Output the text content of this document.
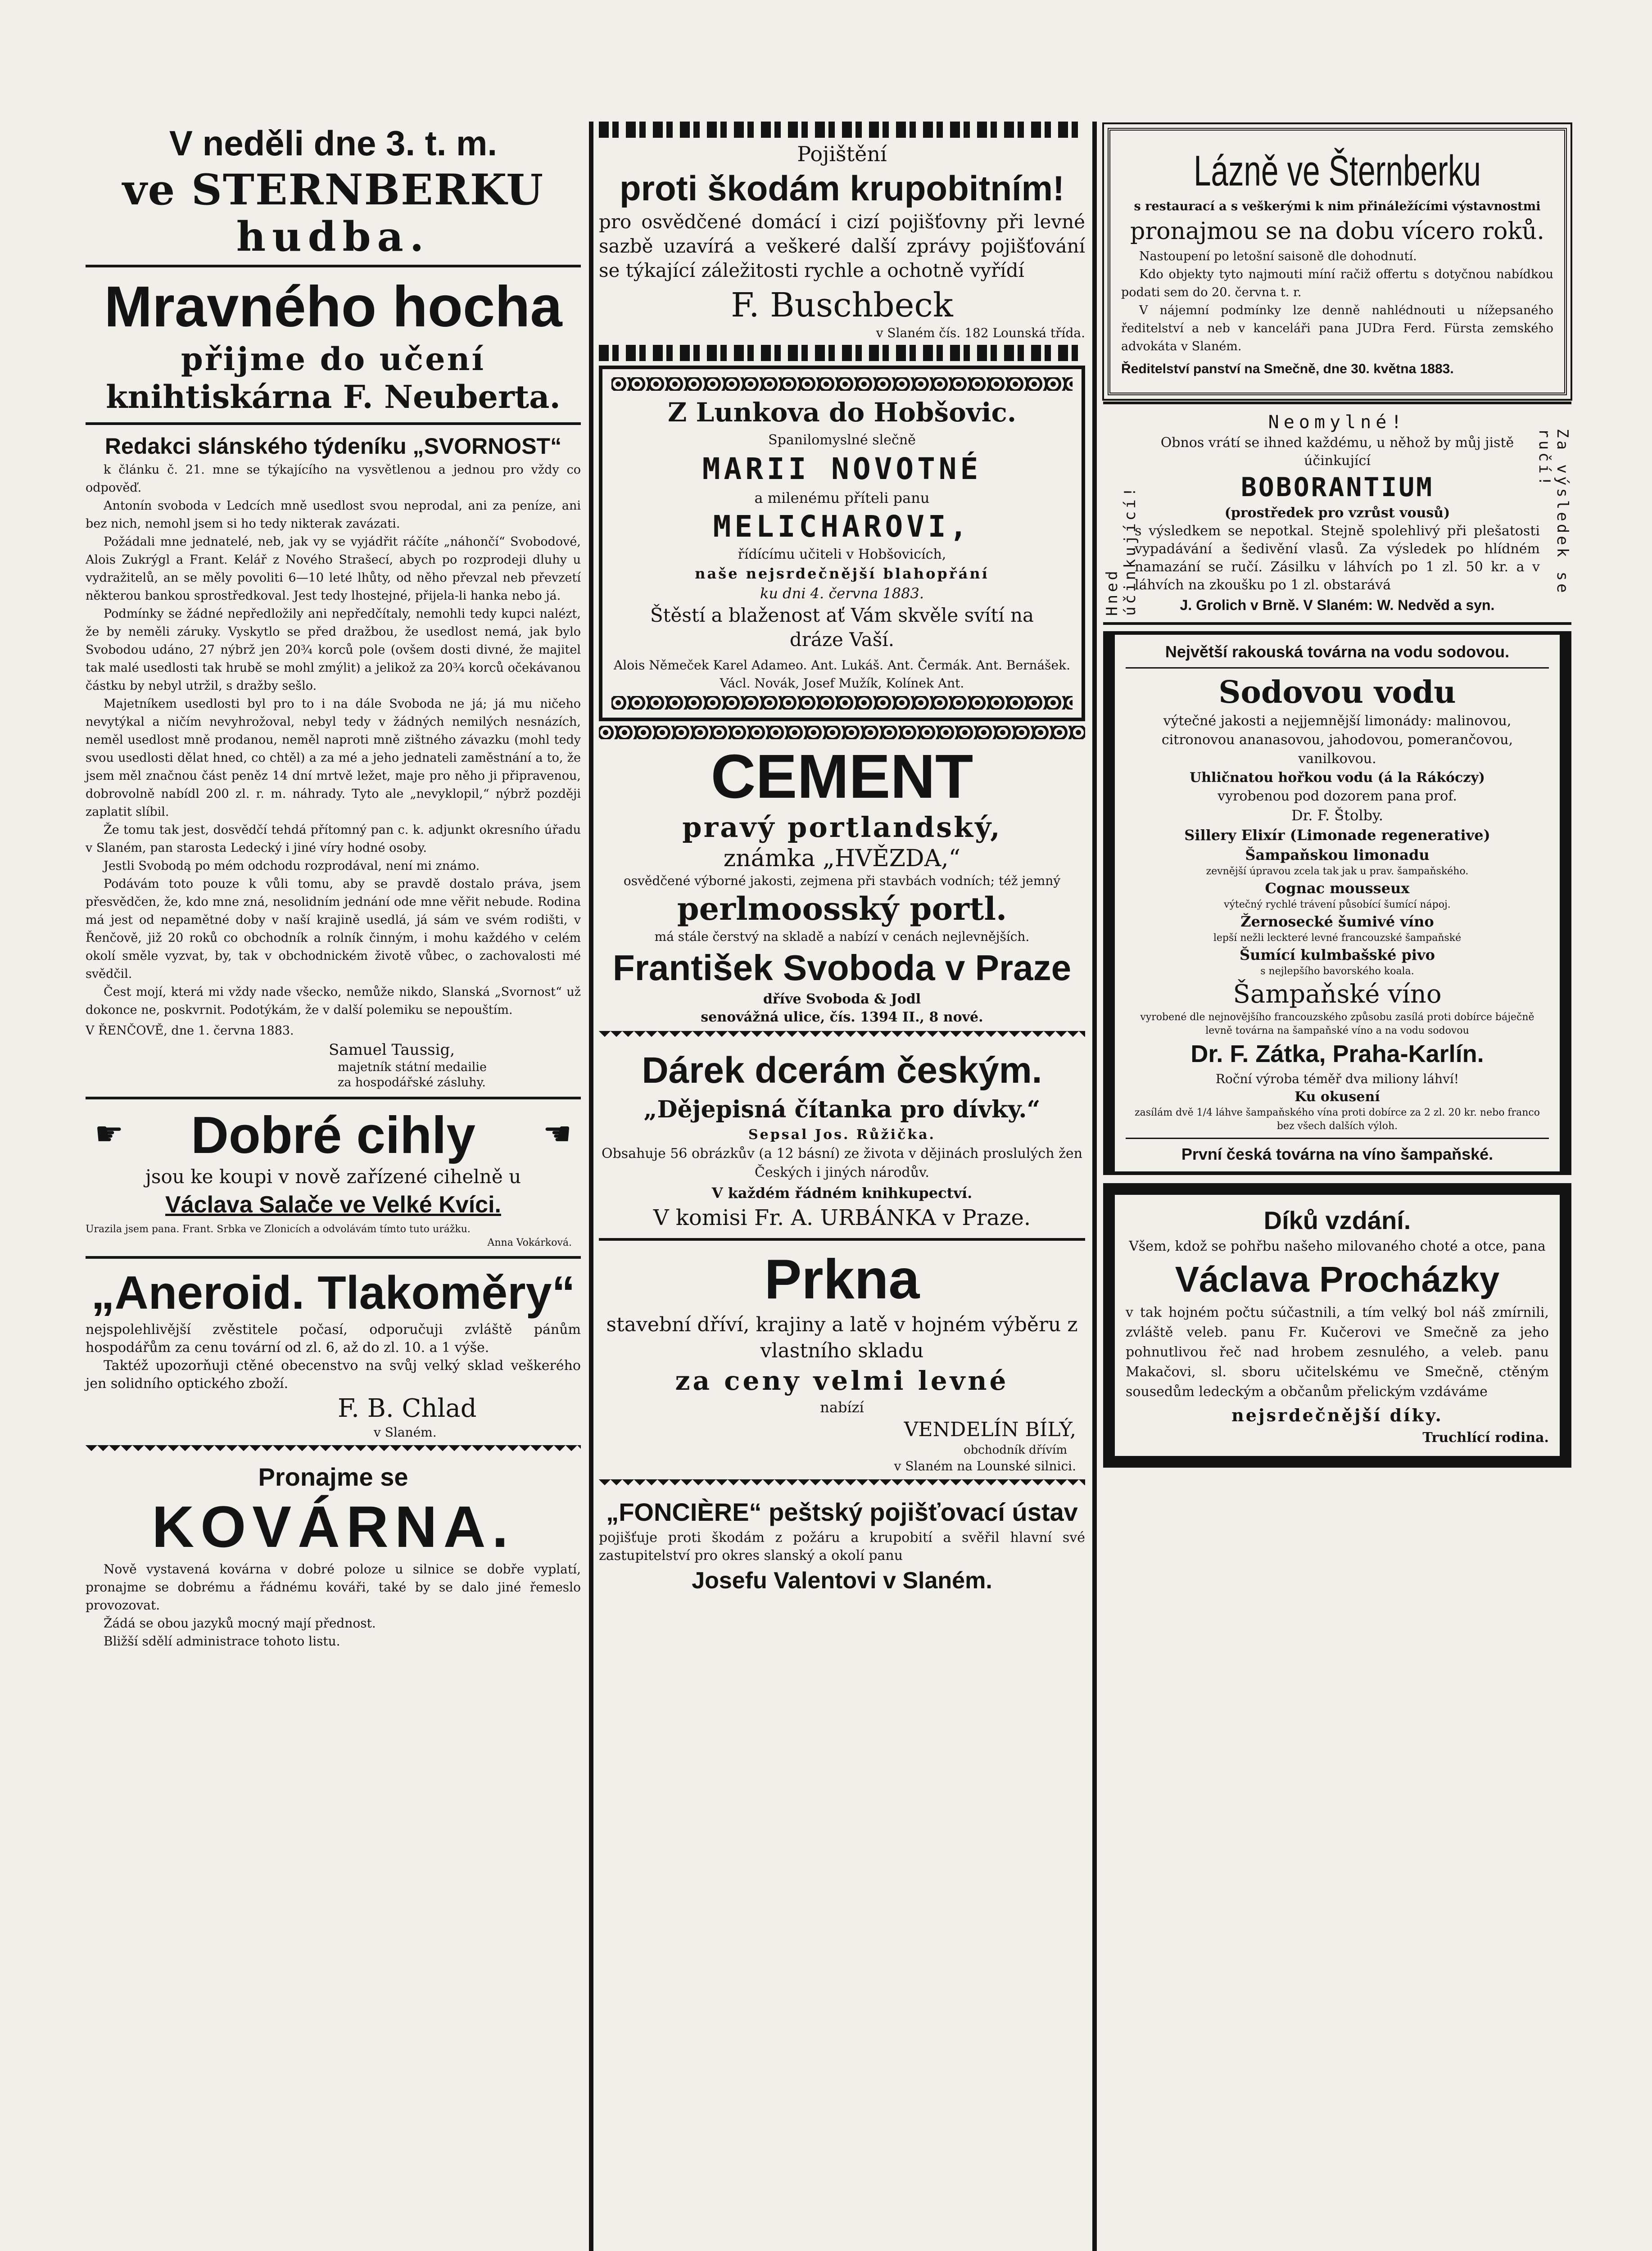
V neděli dne 3. t. m.
ve STERNBERKU
hudba.
Mravného hocha
přijme do učení
knihtiskárna F. Neuberta.
Redakci slánského týdeníku „SVORNOST“

k článku č. 21. mne se týkajícího na vysvětlenou a jednou pro vždy co odpověď.

Antonín svoboda v Ledcích mně usedlost svou neprodal, ani za peníze, ani bez nich, nemohl jsem si ho tedy nikterak zavázati.

Požádali mne jednatelé, neb, jak vy se vyjádřit ráčíte „náhončí“ Svobodové, Alois Zukrýgl a Frant. Kelář z Nového Strašecí, abych po rozprodeji dluhy u vydražitelů, an se měly povoliti 6—10 leté lhůty, od něho převzal neb převzetí některou bankou sprostředkoval. Jest tedy lhostejné, přijela-li hanka nebo já.

Podmínky se žádné nepředložily ani nepředčítaly, nemohli tedy kupci nalézt, že by neměli záruky. Vyskytlo se před dražbou, že usedlost nemá, jak bylo Svobodou udáno, 27 nýbrž jen 20¾ korců pole (ovšem dosti divné, že majitel tak malé usedlosti tak hrubě se mohl zmýlit) a jelikož za 20¾ korců očekávanou částku by nebyl utržil, s dražby sešlo.

Majetníkem usedlosti byl pro to i na dále Svoboda ne já; já mu ničeho nevytýkal a ničím nevyhrožoval, nebyl tedy v žádných nemilých nesnázích, neměl usedlost mně prodanou, neměl naproti mně zištného závazku (mohl tedy svou usedlosti dělat hned, co chtěl) a za mé a jeho jednateli zaměstnání a to, že jsem měl značnou část peněz 14 dní mrtvě ležet, maje pro něho ji připravenou, dobrovolně nabídl 200 zl. r. m. náhrady. Tyto ale „nevyklopil,“ nýbrž později zaplatit slíbil.

Že tomu tak jest, dosvědčí tehdá přítomný pan c. k. adjunkt okresního úřadu v Slaném, pan starosta Ledecký i jiné víry hodné osoby.

Jestli Svobodą po mém odchodu rozprodával, není mi známo.

Podávám toto pouze k vůli tomu, aby se pravdě dostalo práva, jsem přesvědčen, že, kdo mne zná, nesolidním jednání ode mne věřit nebude. Rodina má jest od nepamětné doby v naší krajině usedlá, já sám ve svém rodišti, v Řenčově, již 20 roků co obchodník a rolník činným, i mohu každého v celém okolí směle vyzvat, by, tak v obchodnickém životě vůbec, o zachovalosti mé svědčil.

Čest mojí, která mi vždy nade všecko, nemůže nikdo, Slanská „Svornost“ už dokonce ne, poskvrnit. Podotýkám, že v další polemiku se nepouštím.

V ŘENČOVĚ, dne 1. června 1883.
Samuel Taussig,
majetník státní medailie
za hospodářské zásluhy.
☛ Dobré cihly ☚
jsou ke koupi v nově zařízené cihelně u
Václava Salače ve Velké Kvíci.
Urazila jsem pana. Frant. Srbka ve Zlonicích a odvolávám tímto tuto urážku.
Anna Vokárková.
„Aneroid. Tlakoměry“
nejspolehlivější zvěstitele počasí, odporučuji zvláště pánům hospodářům za cenu tovární od zl. 6, až do zl. 10. a 1 výše.
Taktéž upozorňuji ctěné obecenstvo na svůj velký sklad veškerého jen solidního optického zboží.
F. B. Chlad
v Slaném.
Pronajme se
KOVÁRNA.
Nově vystavená kovárna v dobré poloze u silnice se dobře vyplatí, pronajme se dobrému a řádnému kováři, také by se dalo jiné řemeslo provozovat.
Žádá se obou jazyků mocný mají přednost.
Bližší sdělí administrace tohoto listu.
Pojištění
proti škodám krupobitním!
pro osvědčené domácí i cizí pojišťovny při levné sazbě uzavírá a veškeré další zprávy pojišťování se týkající záležitosti rychle a ochotně vyřídí
F. Buschbeck
v Slaném čís. 182 Lounská třída.
Z Lunkova do Hobšovic.
Spanilomyslné slečně
MARII NOVOTNÉ
a milenému příteli panu
MELICHAROVI,
řídícímu učiteli v Hobšovicích,
naše nejsrdečnější blahopřání
ku dni 4. června 1883.
Štěstí a blaženost ať Vám skvěle svítí na dráze Vaší.
Alois Němeček Karel Adameo. Ant. Lukáš. Ant. Čermák. Ant. Bernášek. Václ. Novák, Josef Mužík, Kolínek Ant.
CEMENT
pravý portlandský,
známka „HVĚZDA,“
osvědčené výborné jakosti, zejmena při stavbách vodních; též jemný
perlmoosský portl.
má stále čerstvý na skladě a nabízí v cenách nejlevnějších.
František Svoboda v Praze
dříve Svoboda & Jodl
senovážná ulice, čís. 1394 II., 8 nové.
Dárek dcerám českým.
„Dějepisná čítanka pro dívky.“
Sepsal Jos. Růžička.
Obsahuje 56 obrázkův (a 12 básní) ze života v dějinách proslulých žen Českých i jiných národův.
V každém řádném knihkupectví.
V komisi Fr. A. URBÁNKA v Praze.
Prkna
stavební dříví, krajiny a latě v hojném výběru z vlastního skladu
za ceny velmi levné
nabízí
VENDELÍN BÍLÝ,
obchodník dřívím
v Slaném na Lounské silnici.
„FONCIÈRE“ peštský pojišťovací ústav
pojišťuje proti škodám z požáru a krupobití a svěřil hlavní své zastupitelství pro okres slanský a okolí panu
Josefu Valentovi v Slaném.
Lázně ve Šternberku
s restaurací a s veškerými k nim přináležícími výstavnostmi
pronajmou se na dobu vícero roků.
Nastoupení po letošní saisoně dle dohodnutí.
Kdo objekty tyto najmouti míní račiž offertu s dotyčnou nabídkou podati sem do 20. června t. r.
V nájemní podmínky lze denně nahlédnouti u nížepsaného ředitelství a neb v kanceláři pana JUDra Ferd. Fürsta zemského advokáta v Slaném.
Ředitelství panství na Smečně, dne 30. května 1883.
Hned účinkující!	Za výsledek se ručí!
Neomylné!
Obnos vrátí se ihned každému, u něhož by můj jistě účinkující
BOBORANTIUM
(prostředek pro vzrůst vousů)
s výsledkem se nepotkal. Stejně spolehlivý při plešatosti vypadávání a šedivění vlasů. Za výsledek po hlídném namazání se ručí. Zásilku v láhvích po 1 zl. 50 kr. a v láhvích na zkoušku po 1 zl. obstarává
J. Grolich v Brně. V Slaném: W. Nedvěd a syn.
Největší rakouská továrna na vodu sodovou.
Sodovou vodu
výtečné jakosti a nejjemnější limonády: malinovou, citronovou ananasovou, jahodovou, pomerančovou, vanilkovou.
Uhličnatou hořkou vodu (á la Rákóczy)
vyrobenou pod dozorem pana prof.
Dr. F. Štolby.
Sillery Elixír (Limonade regenerative)
Šampaňskou limonadu
zevnější úpravou zcela tak jak u prav. šampaňského.
Cognac mousseux
výtečný rychlé trávení působící šumící nápoj.
Žernosecké šumivé víno
lepší nežli leckteré levné francouzské šampaňské
Šumící kulmbašské pivo
s nejlepšího bavorského koala.
Šampaňské víno
vyrobené dle nejnovějšího francouzského způsobu zasílá proti dobírce báječně levně továrna na šampaňské víno a na vodu sodovou
Dr. F. Zátka, Praha-Karlín.
Roční výroba téměř dva miliony láhví!
Ku okusení
zasílám dvě 1/4 láhve šampaňského vína proti dobírce za 2 zl. 20 kr. nebo franco bez všech dalších výloh.
První česká továrna na víno šampaňské.
Díků vzdání.
Všem, kdož se pohřbu našeho milovaného choté a otce, pana
Václava Procházky
v tak hojném počtu súčastnili, a tím velký bol náš zmírnili, zvláště veleb. panu Fr. Kučerovi ve Smečně za jeho pohnutlivou řeč nad hrobem zesnulého, a veleb. panu Makačovi, sl. sboru učitelskému ve Smečně, ctěným sousedům ledeckým a občanům přelickým vzdáváme
nejsrdečnější díky.
Truchlící rodina.
